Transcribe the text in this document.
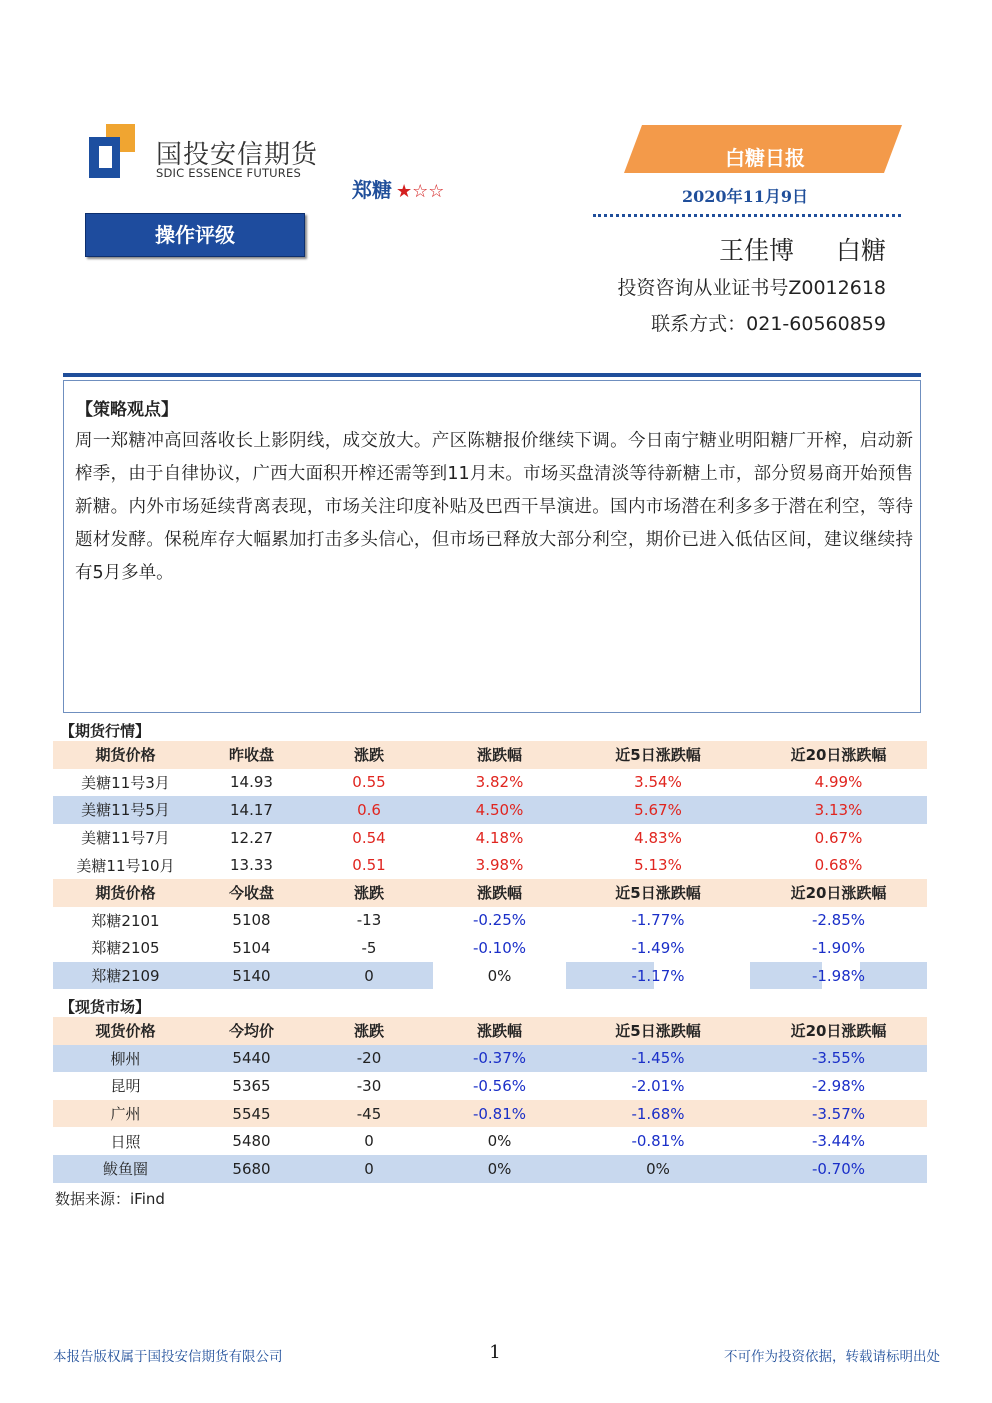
国投安信期货
SDIC ESSENCE FUTURES
郑糖 ★☆☆
操作评级
白糖日报
2020年11月9日
王佳博 白糖
投资咨询从业证书号Z0012618
联系方式：021-60560859
【策略观点】
周一郑糖冲高回落收长上影阴线，成交放大。产区陈糖报价继续下调。今日南宁糖业明阳糖厂开榨，启动新榨季，由于自律协议，广西大面积开榨还需等到11月末。市场买盘清淡等待新糖上市，部分贸易商开始预售新糖。内外市场延续背离表现，市场关注印度补贴及巴西干旱演进。国内市场潜在利多多于潜在利空，等待题材发酵。保税库存大幅累加打击多头信心，但市场已释放大部分利空，期价已进入低估区间，建议继续持有5月多单。
【期货行情】
期货价格	昨收盘	涨跌	涨跌幅	近5日涨跌幅	近20日涨跌幅
美糖11号3月	14.93	0.55	3.82%	3.54%	4.99%
美糖11号5月	14.17	0.6	4.50%	5.67%	3.13%
美糖11号7月	12.27	0.54	4.18%	4.83%	0.67%
美糖11号10月	13.33	0.51	3.98%	5.13%	0.68%
期货价格	今收盘	涨跌	涨跌幅	近5日涨跌幅	近20日涨跌幅
郑糖2101	5108	-13	-0.25%	-1.77%	-2.85%
郑糖2105	5104	-5	-0.10%	-1.49%	-1.90%
郑糖2109	5140	0	0%	-1.17%	-1.98%
【现货市场】
现货价格	今均价	涨跌	涨跌幅	近5日涨跌幅	近20日涨跌幅
柳州	5440	-20	-0.37%	-1.45%	-3.55%
昆明	5365	-30	-0.56%	-2.01%	-2.98%
广州	5545	-45	-0.81%	-1.68%	-3.57%
日照	5480	0	0%	-0.81%	-3.44%
鲅鱼圈	5680	0	0%	0%	-0.70%
数据来源：iFind
本报告版权属于国投安信期货有限公司	1	不可作为投资依据，转载请标明出处
